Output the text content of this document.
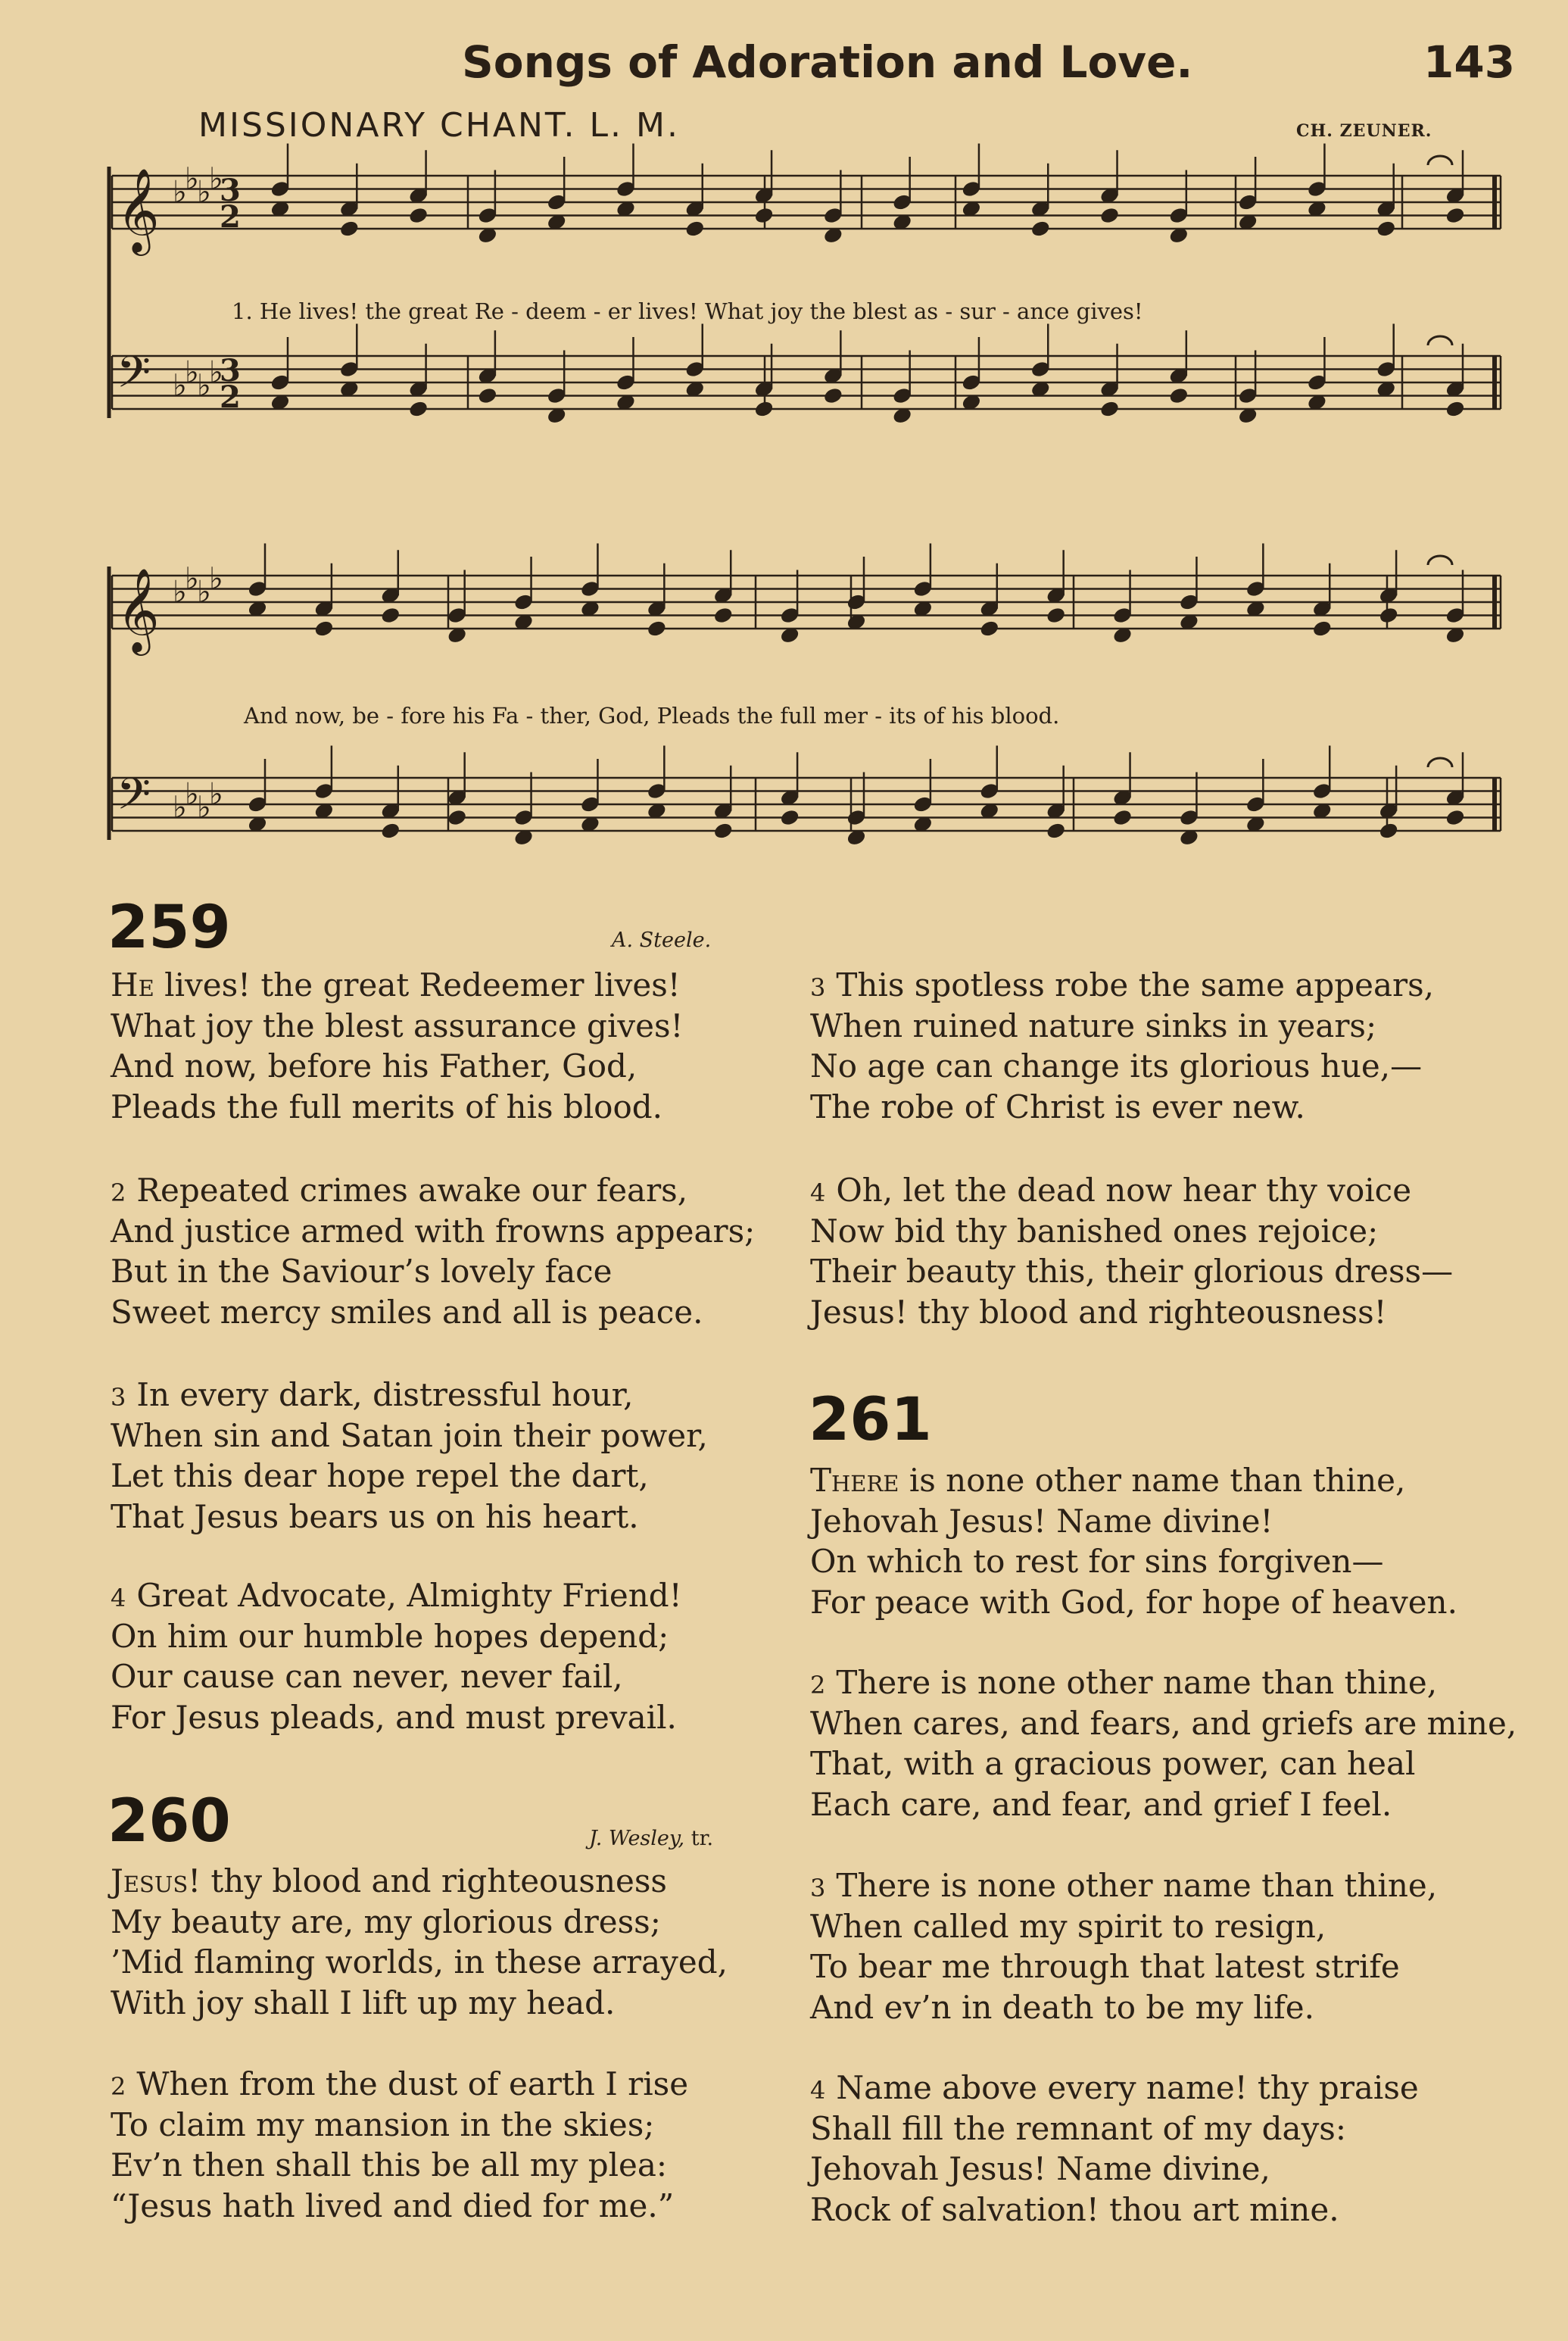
Songs of Adoration and Love.	143
MISSIONARY CHANT. L. M.	CH. ZEUNER.
𝄞 ♭
♭
♭
♭
3
2
𝄢 ♭
♭
♭
♭
3
2
𝄞 ♭
♭
♭
♭
𝄢 ♭
♭
♭
♭
1. He lives! the great Re - deem - er lives! What joy the blest as - sur - ance gives!
And now, be - fore his Fa - ther, God, Pleads the full mer - its of his blood.
259	A. Steele.
He lives! the great Redeemer lives!
What joy the blest assurance gives!
And now, before his Father, God,
Pleads the full merits of his blood.
2 Repeated crimes awake our fears,
And justice armed with frowns appears;
But in the Saviour’s lovely face
Sweet mercy smiles and all is peace.
3 In every dark, distressful hour,
When sin and Satan join their power,
Let this dear hope repel the dart,
That Jesus bears us on his heart.
4 Great Advocate, Almighty Friend!
On him our humble hopes depend;
Our cause can never, never fail,
For Jesus pleads, and must prevail.
260	J. Wesley, tr.
Jesus! thy blood and righteousness
My beauty are, my glorious dress;
’Mid flaming worlds, in these arrayed,
With joy shall I lift up my head.
2 When from the dust of earth I rise
To claim my mansion in the skies;
Ev’n then shall this be all my plea:
“Jesus hath lived and died for me.”
3 This spotless robe the same appears,
When ruined nature sinks in years;
No age can change its glorious hue,—
The robe of Christ is ever new.
4 Oh, let the dead now hear thy voice
Now bid thy banished ones rejoice;
Their beauty this, their glorious dress—
Jesus! thy blood and righteousness!
261
There is none other name than thine,
Jehovah Jesus! Name divine!
On which to rest for sins forgiven—
For peace with God, for hope of heaven.
2 There is none other name than thine,
When cares, and fears, and griefs are mine,
That, with a gracious power, can heal
Each care, and fear, and grief I feel.
3 There is none other name than thine,
When called my spirit to resign,
To bear me through that latest strife
And ev’n in death to be my life.
4 Name above every name! thy praise
Shall fill the remnant of my days:
Jehovah Jesus! Name divine,
Rock of salvation! thou art mine.
